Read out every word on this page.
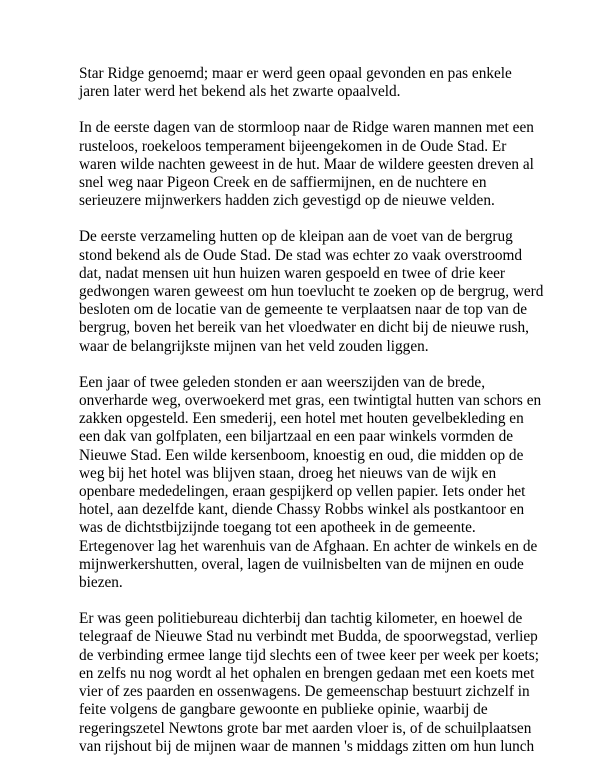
Star Ridge genoemd; maar er werd geen opaal gevonden en pas enkele
jaren later werd het bekend als het zwarte opaalveld.

In de eerste dagen van de stormloop naar de Ridge waren mannen met een
rusteloos, roekeloos temperament bijeengekomen in de Oude Stad. Er
waren wilde nachten geweest in de hut. Maar de wildere geesten dreven al
snel weg naar Pigeon Creek en de saffiermijnen, en de nuchtere en
serieuzere mijnwerkers hadden zich gevestigd op de nieuwe velden.

De eerste verzameling hutten op de kleipan aan de voet van de bergrug
stond bekend als de Oude Stad. De stad was echter zo vaak overstroomd
dat, nadat mensen uit hun huizen waren gespoeld en twee of drie keer
gedwongen waren geweest om hun toevlucht te zoeken op de bergrug, werd
besloten om de locatie van de gemeente te verplaatsen naar de top van de
bergrug, boven het bereik van het vloedwater en dicht bij de nieuwe rush,
waar de belangrijkste mijnen van het veld zouden liggen.

Een jaar of twee geleden stonden er aan weerszijden van de brede,
onverharde weg, overwoekerd met gras, een twintigtal hutten van schors en
zakken opgesteld. Een smederij, een hotel met houten gevelbekleding en
een dak van golfplaten, een biljartzaal en een paar winkels vormden de
Nieuwe Stad. Een wilde kersenboom, knoestig en oud, die midden op de
weg bij het hotel was blijven staan, droeg het nieuws van de wijk en
openbare mededelingen, eraan gespijkerd op vellen papier. Iets onder het
hotel, aan dezelfde kant, diende Chassy Robbs winkel als postkantoor en
was de dichtstbijzijnde toegang tot een apotheek in de gemeente.
Ertegenover lag het warenhuis van de Afghaan. En achter de winkels en de
mijnwerkershutten, overal, lagen de vuilnisbelten van de mijnen en oude
biezen.

Er was geen politiebureau dichterbij dan tachtig kilometer, en hoewel de
telegraaf de Nieuwe Stad nu verbindt met Budda, de spoorwegstad, verliep
de verbinding ermee lange tijd slechts een of twee keer per week per koets;
en zelfs nu nog wordt al het ophalen en brengen gedaan met een koets met
vier of zes paarden en ossenwagens. De gemeenschap bestuurt zichzelf in
feite volgens de gangbare gewoonte en publieke opinie, waarbij de
regeringszetel Newtons grote bar met aarden vloer is, of de schuilplaatsen
van rijshout bij de mijnen waar de mannen 's middags zitten om hun lunch
